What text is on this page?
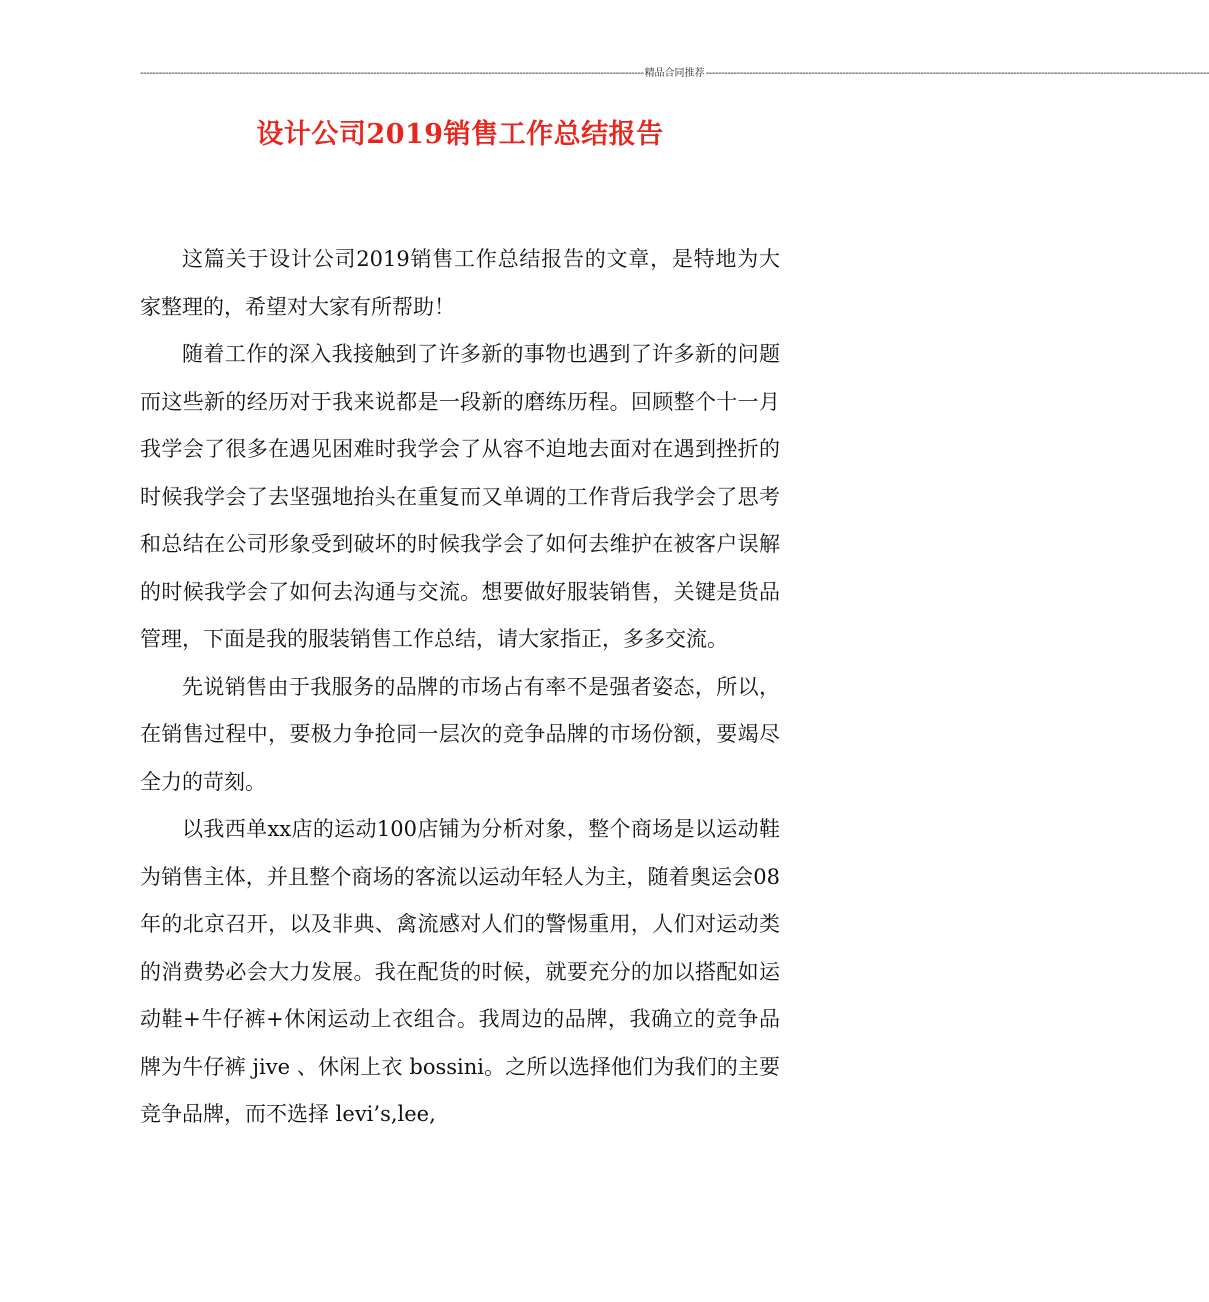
------------------------------------------------------------------------------------------------------------------------------------------------------------------ 精品合同推荐 ------------------------------------------------------------------------------------------------------------------------------------------------------------------
设计公司2019销售工作总结报告

这篇关于设计公司2019销售工作总结报告的文章，是特地为大家整理的，希望对大家有所帮助！

随着工作的深入我接触到了许多新的事物也遇到了许多新的问题而这些新的经历对于我来说都是一段新的磨练历程。回顾整个十一月我学会了很多在遇见困难时我学会了从容不迫地去面对在遇到挫折的时候我学会了去坚强地抬头在重复而又单调的工作背后我学会了思考和总结在公司形象受到破坏的时候我学会了如何去维护在被客户误解的时候我学会了如何去沟通与交流。想要做好服装销售，关键是货品管理，下面是我的服装销售工作总结，请大家指正，多多交流。

先说销售由于我服务的品牌的市场占有率不是强者姿态，所以，在销售过程中，要极力争抢同一层次的竞争品牌的市场份额，要竭尽全力的苛刻。

以我西单xx店的运动100店铺为分析对象，整个商场是以运动鞋为销售主体，并且整个商场的客流以运动年轻人为主，随着奥运会08年的北京召开，以及非典、禽流感对人们的警惕重用，人们对运动类的消费势必会大力发展。我在配货的时候，就要充分的加以搭配如运动鞋+牛仔裤+休闲运动上衣组合。我周边的品牌，我确立的竞争品牌为牛仔裤 jive 、休闲上衣 bossini。之所以选择他们为我们的主要竞争品牌，而不选择 levi’s,lee,
